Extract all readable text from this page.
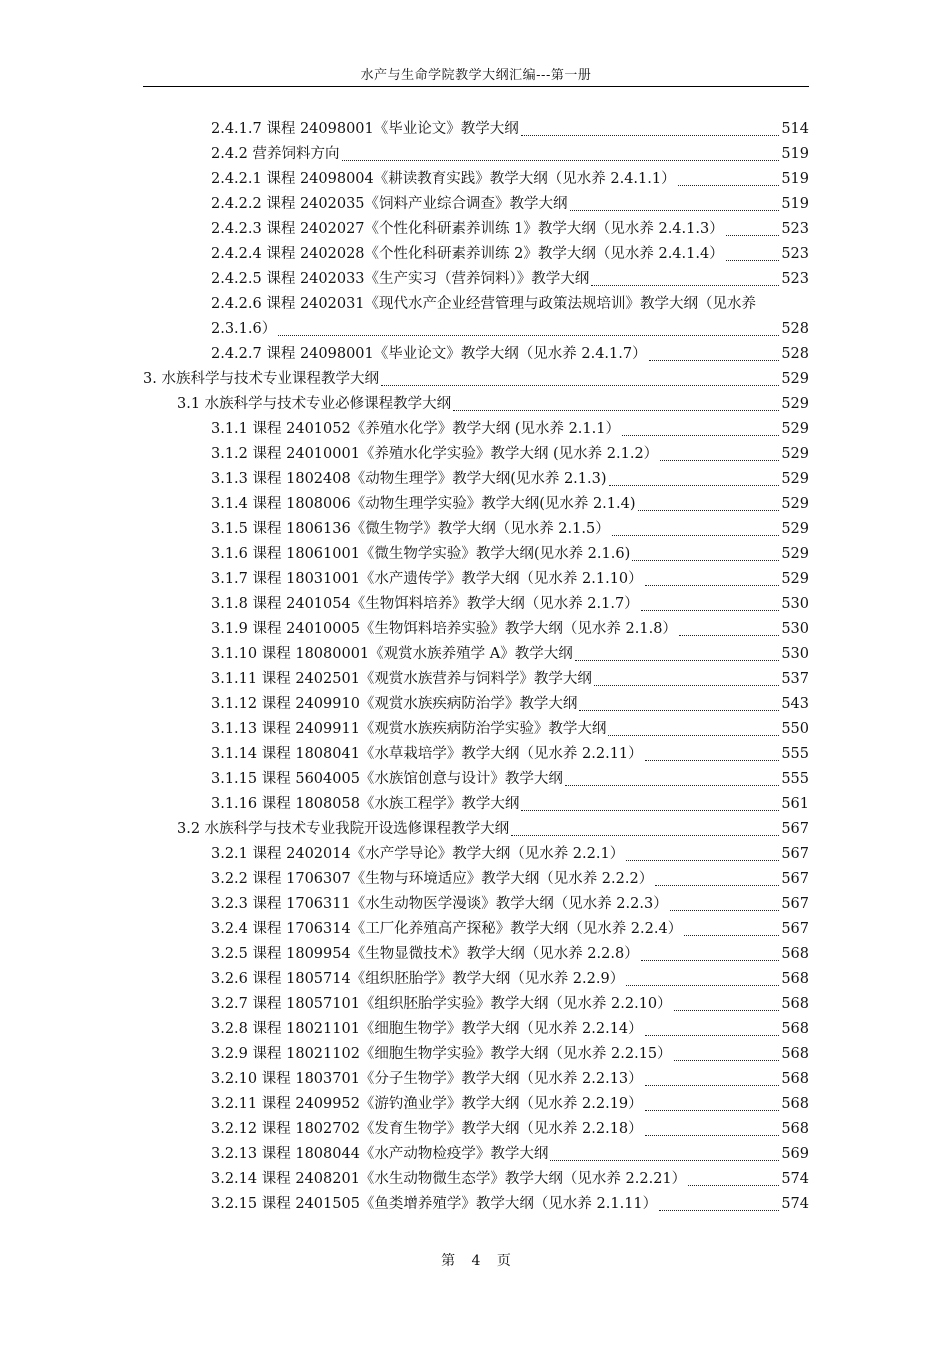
水产与生命学院教学大纲汇编---第一册
2.4.1.7 课程 24098001《毕业论文》教学大纲	514
2.4.2 营养饲料方向	519
2.4.2.1 课程 24098004《耕读教育实践》教学大纲（见水养 2.4.1.1）	519
2.4.2.2 课程 2402035《饲料产业综合调查》教学大纲	519
2.4.2.3 课程 2402027《个性化科研素养训练 1》教学大纲（见水养 2.4.1.3）	523
2.4.2.4 课程 2402028《个性化科研素养训练 2》教学大纲（见水养 2.4.1.4）	523
2.4.2.5 课程 2402033《生产实习（营养饲料）》教学大纲	523
2.4.2.6 课程 2402031《现代水产企业经营管理与政策法规培训》教学大纲（见水养
2.3.1.6）	528
2.4.2.7 课程 24098001《毕业论文》教学大纲（见水养 2.4.1.7）	528
3. 水族科学与技术专业课程教学大纲	529
3.1 水族科学与技术专业必修课程教学大纲	529
3.1.1 课程 2401052《养殖水化学》教学大纲 (见水养 2.1.1）	529
3.1.2 课程 24010001《养殖水化学实验》教学大纲 (见水养 2.1.2）	529
3.1.3 课程 1802408《动物生理学》教学大纲(见水养 2.1.3)	529
3.1.4 课程 1808006《动物生理学实验》教学大纲(见水养 2.1.4)	529
3.1.5 课程 1806136《微生物学》教学大纲（见水养 2.1.5）	529
3.1.6 课程 18061001《微生物学实验》教学大纲(见水养 2.1.6)	529
3.1.7 课程 18031001《水产遗传学》教学大纲（见水养 2.1.10）	529
3.1.8 课程 2401054《生物饵料培养》教学大纲（见水养 2.1.7）	530
3.1.9 课程 24010005《生物饵料培养实验》教学大纲（见水养 2.1.8）	530
3.1.10 课程 18080001《观赏水族养殖学 A》教学大纲	530
3.1.11 课程 2402501《观赏水族营养与饲料学》教学大纲	537
3.1.12 课程 2409910《观赏水族疾病防治学》教学大纲	543
3.1.13 课程 2409911《观赏水族疾病防治学实验》教学大纲	550
3.1.14 课程 1808041《水草栽培学》教学大纲（见水养 2.2.11）	555
3.1.15 课程 5604005《水族馆创意与设计》教学大纲	555
3.1.16 课程 1808058《水族工程学》教学大纲	561
3.2 水族科学与技术专业我院开设选修课程教学大纲	567
3.2.1 课程 2402014《水产学导论》教学大纲（见水养 2.2.1）	567
3.2.2 课程 1706307《生物与环境适应》教学大纲（见水养 2.2.2）	567
3.2.3 课程 1706311《水生动物医学漫谈》教学大纲（见水养 2.2.3）	567
3.2.4 课程 1706314《工厂化养殖高产探秘》教学大纲（见水养 2.2.4）	567
3.2.5 课程 1809954《生物显微技术》教学大纲（见水养 2.2.8）	568
3.2.6 课程 1805714《组织胚胎学》教学大纲（见水养 2.2.9）	568
3.2.7 课程 18057101《组织胚胎学实验》教学大纲（见水养 2.2.10）	568
3.2.8 课程 18021101《细胞生物学》教学大纲（见水养 2.2.14）	568
3.2.9 课程 18021102《细胞生物学实验》教学大纲（见水养 2.2.15）	568
3.2.10 课程 1803701《分子生物学》教学大纲（见水养 2.2.13）	568
3.2.11 课程 2409952《游钓渔业学》教学大纲（见水养 2.2.19）	568
3.2.12 课程 1802702《发育生物学》教学大纲（见水养 2.2.18）	568
3.2.13 课程 1808044《水产动物检疫学》教学大纲	569
3.2.14 课程 2408201《水生动物微生态学》教学大纲（见水养 2.2.21）	574
3.2.15 课程 2401505《鱼类增养殖学》教学大纲（见水养 2.1.11）	574
第 4 页
